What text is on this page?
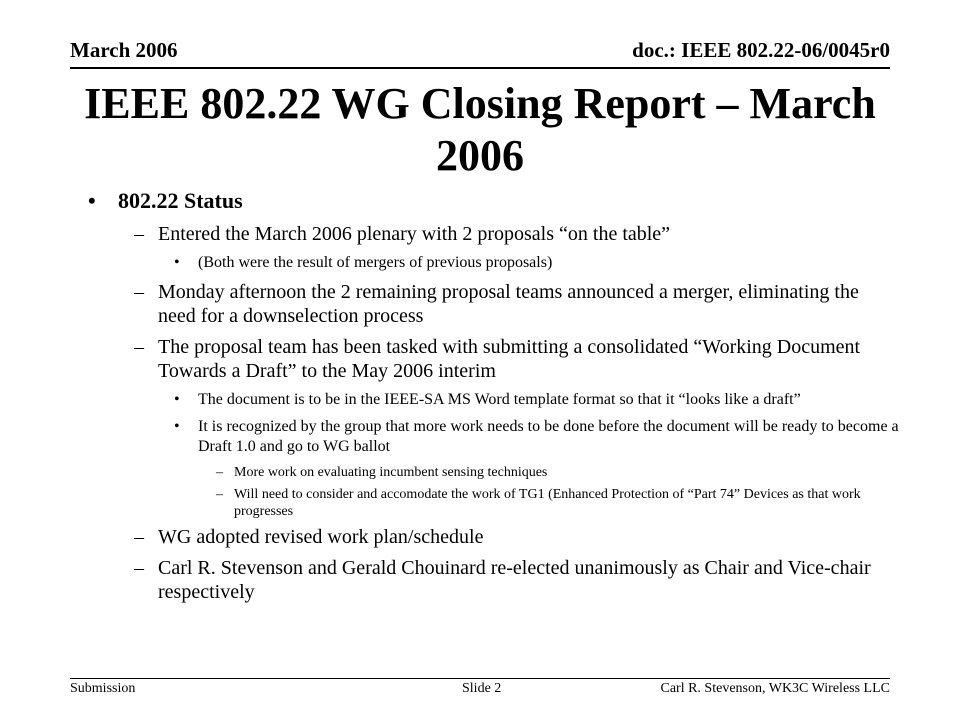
March 2006	doc.: IEEE 802.22-06/0045r0
IEEE 802.22 WG Closing Report – March 2006
• 802.22 Status
– Entered the March 2006 plenary with 2 proposals “on the table”
• (Both were the result of mergers of previous proposals)
– Monday afternoon the 2 remaining proposal teams announced a merger, eliminating the need for a downselection process
– The proposal team has been tasked with submitting a consolidated “Working Document Towards a Draft” to the May 2006 interim
• The document is to be in the IEEE-SA MS Word template format so that it “looks like a draft”
• It is recognized by the group that more work needs to be done before the document will be ready to become a Draft 1.0 and go to WG ballot
– More work on evaluating incumbent sensing techniques
– Will need to consider and accomodate the work of TG1 (Enhanced Protection of “Part 74” Devices as that work progresses
– WG adopted revised work plan/schedule
– Carl R. Stevenson and Gerald Chouinard re-elected unanimously as Chair and Vice-chair respectively
Submission	Slide 2	Carl R. Stevenson, WK3C Wireless LLC
